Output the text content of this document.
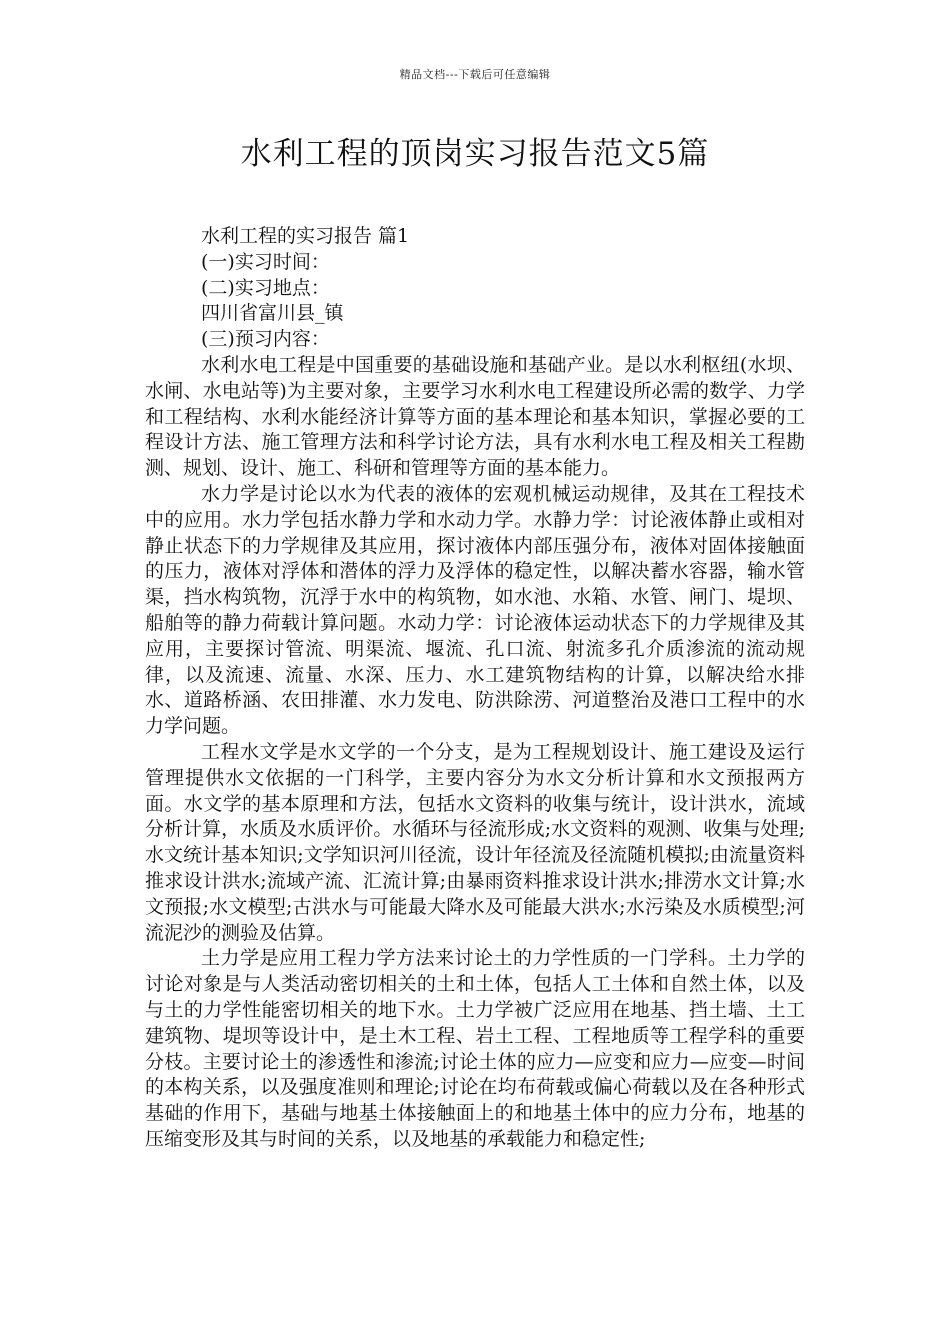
精品文档---下载后可任意编辑
水利工程的顶岗实习报告范文5篇
水利工程的实习报告 篇1
(一)实习时间：
(二)实习地点：
四川省富川县_镇
(三)预习内容：

水利水电工程是中国重要的基础设施和基础产业。是以水利枢纽(水坝、水闸、水电站等)为主要对象，主要学习水利水电工程建设所必需的数学、力学和工程结构、水利水能经济计算等方面的基本理论和基本知识，掌握必要的工程设计方法、施工管理方法和科学讨论方法，具有水利水电工程及相关工程勘测、规划、设计、施工、科研和管理等方面的基本能力。

水力学是讨论以水为代表的液体的宏观机械运动规律，及其在工程技术中的应用。水力学包括水静力学和水动力学。水静力学：讨论液体静止或相对静止状态下的力学规律及其应用，探讨液体内部压强分布，液体对固体接触面的压力，液体对浮体和潜体的浮力及浮体的稳定性，以解决蓄水容器，输水管渠，挡水构筑物，沉浮于水中的构筑物，如水池、水箱、水管、闸门、堤坝、船舶等的静力荷载计算问题。水动力学：讨论液体运动状态下的力学规律及其应用，主要探讨管流、明渠流、堰流、孔口流、射流多孔介质渗流的流动规律，以及流速、流量、水深、压力、水工建筑物结构的计算，以解决给水排水、道路桥涵、农田排灌、水力发电、防洪除涝、河道整治及港口工程中的水力学问题。

工程水文学是水文学的一个分支，是为工程规划设计、施工建设及运行管理提供水文依据的一门科学，主要内容分为水文分析计算和水文预报两方面。水文学的基本原理和方法，包括水文资料的收集与统计，设计洪水，流域分析计算，水质及水质评价。水循环与径流形成;水文资料的观测、收集与处理;水文统计基本知识;文学知识河川径流，设计年径流及径流随机模拟;由流量资料推求设计洪水;流域产流、汇流计算;由暴雨资料推求设计洪水;排涝水文计算;水文预报;水文模型;古洪水与可能最大降水及可能最大洪水;水污染及水质模型;河流泥沙的测验及估算。

土力学是应用工程力学方法来讨论土的力学性质的一门学科。土力学的讨论对象是与人类活动密切相关的土和土体，包括人工土体和自然土体，以及与土的力学性能密切相关的地下水。土力学被广泛应用在地基、挡土墙、土工建筑物、堤坝等设计中，是土木工程、岩土工程、工程地质等工程学科的重要分枝。主要讨论土的渗透性和渗流;讨论土体的应力—应变和应力—应变—时间的本构关系，以及强度准则和理论;讨论在均布荷载或偏心荷载以及在各种形式基础的作用下，基础与地基土体接触面上的和地基土体中的应力分布，地基的压缩变形及其与时间的关系，以及地基的承载能力和稳定性;
